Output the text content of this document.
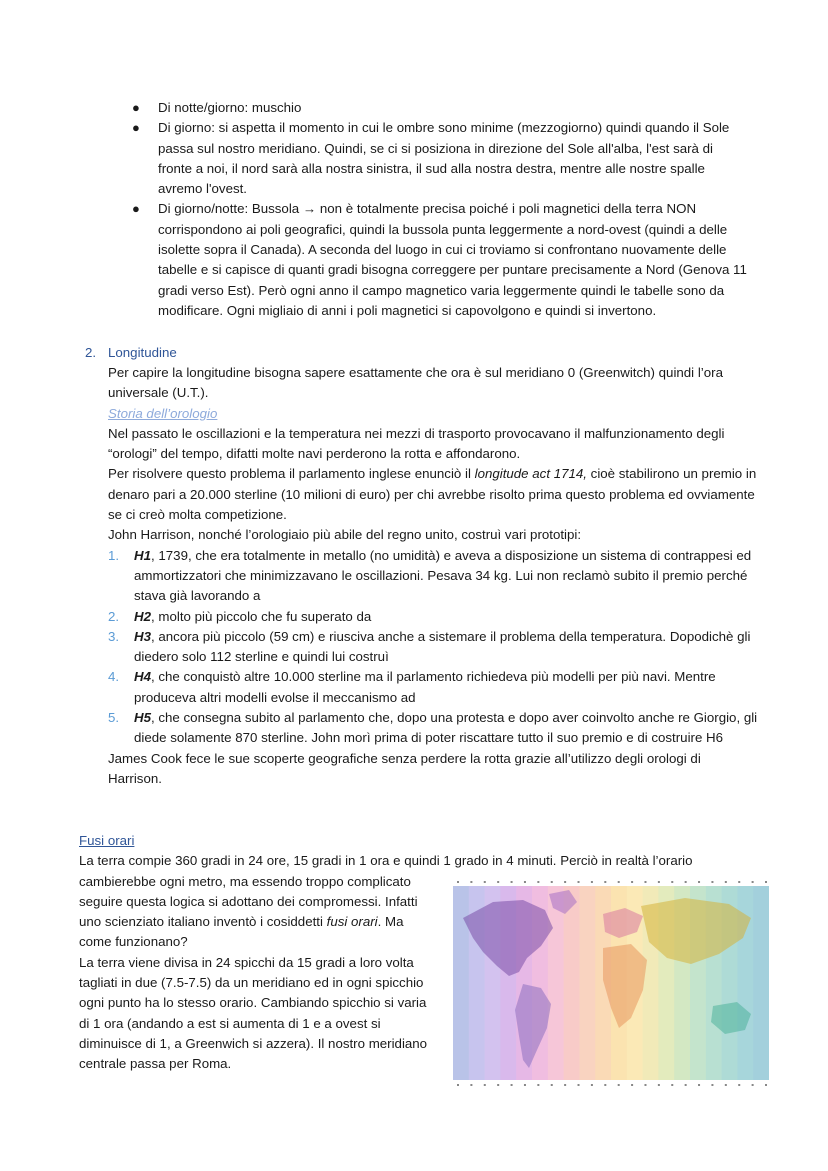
● Di notte/giorno: muschio
● Di giorno: si aspetta il momento in cui le ombre sono minime (mezzogiorno) quindi quando il Sole passa sul nostro meridiano. Quindi, se ci si posiziona in direzione del Sole all'alba, l'est sarà di fronte a noi, il nord sarà alla nostra sinistra, il sud alla nostra destra, mentre alle nostre spalle avremo l'ovest.
● Di giorno/notte: Bussola → non è totalmente precisa poiché i poli magnetici della terra NON corrispondono ai poli geografici, quindi la bussola punta leggermente a nord-ovest (quindi a delle isolette sopra il Canada). A seconda del luogo in cui ci troviamo si confrontano nuovamente delle tabelle e si capisce di quanti gradi bisogna correggere per puntare precisamente a Nord (Genova 11 gradi verso Est). Però ogni anno il campo magnetico varia leggermente quindi le tabelle sono da modificare. Ogni migliaio di anni i poli magnetici si capovolgono e quindi si invertono.
2. Longitudine

Per capire la longitudine bisogna sapere esattamente che ora è sul meridiano 0 (Greenwitch) quindi l’ora universale (U.T.).

Storia dell’orologio

Nel passato le oscillazioni e la temperatura nei mezzi di trasporto provocavano il malfunzionamento degli “orologi” del tempo, difatti molte navi perderono la rotta e affondarono.

Per risolvere questo problema il parlamento inglese enunciò il longitude act 1714, cioè stabilirono un premio in denaro pari a 20.000 sterline (10 milioni di euro) per chi avrebbe risolto prima questo problema ed ovviamente se ci creò molta competizione.

John Harrison, nonché l’orologiaio più abile del regno unito, costruì vari prototipi:

1. H1, 1739, che era totalmente in metallo (no umidità) e aveva a disposizione un sistema di contrappesi ed ammortizzatori che minimizzavano le oscillazioni. Pesava 34 kg. Lui non reclamò subito il premio perché stava già lavorando a
2. H2, molto più piccolo che fu superato da
3. H3, ancora più piccolo (59 cm) e riusciva anche a sistemare il problema della temperatura. Dopodichè gli diedero solo 112 sterline e quindi lui costruì
4. H4, che conquistò altre 10.000 sterline ma il parlamento richiedeva più modelli per più navi. Mentre produceva altri modelli evolse il meccanismo ad
5. H5, che consegna subito al parlamento che, dopo una protesta e dopo aver coinvolto anche re Giorgio, gli diede solamente 870 sterline. John morì prima di poter riscattare tutto il suo premio e di costruire H6

James Cook fece le sue scoperte geografiche senza perdere la rotta grazie all’utilizzo degli orologi di Harrison.

Fusi orari

La terra compie 360 gradi in 24 ore, 15 gradi in 1 ora e quindi 1 grado in 4 minuti. Perciò in realtà l’orario

cambierebbe ogni metro, ma essendo troppo complicato seguire questa logica si adottano dei compromessi. Infatti uno scienziato italiano inventò i cosiddetti fusi orari. Ma come funzionano?

La terra viene divisa in 24 spicchi da 15 gradi a loro volta tagliati in due (7.5-7.5) da un meridiano ed in ogni spicchio ogni punto ha lo stesso orario. Cambiando spicchio si varia di 1 ora (andando a est si aumenta di 1 e a ovest si diminuisce di 1, a Greenwich si azzera). Il nostro meridiano centrale passa per Roma.
